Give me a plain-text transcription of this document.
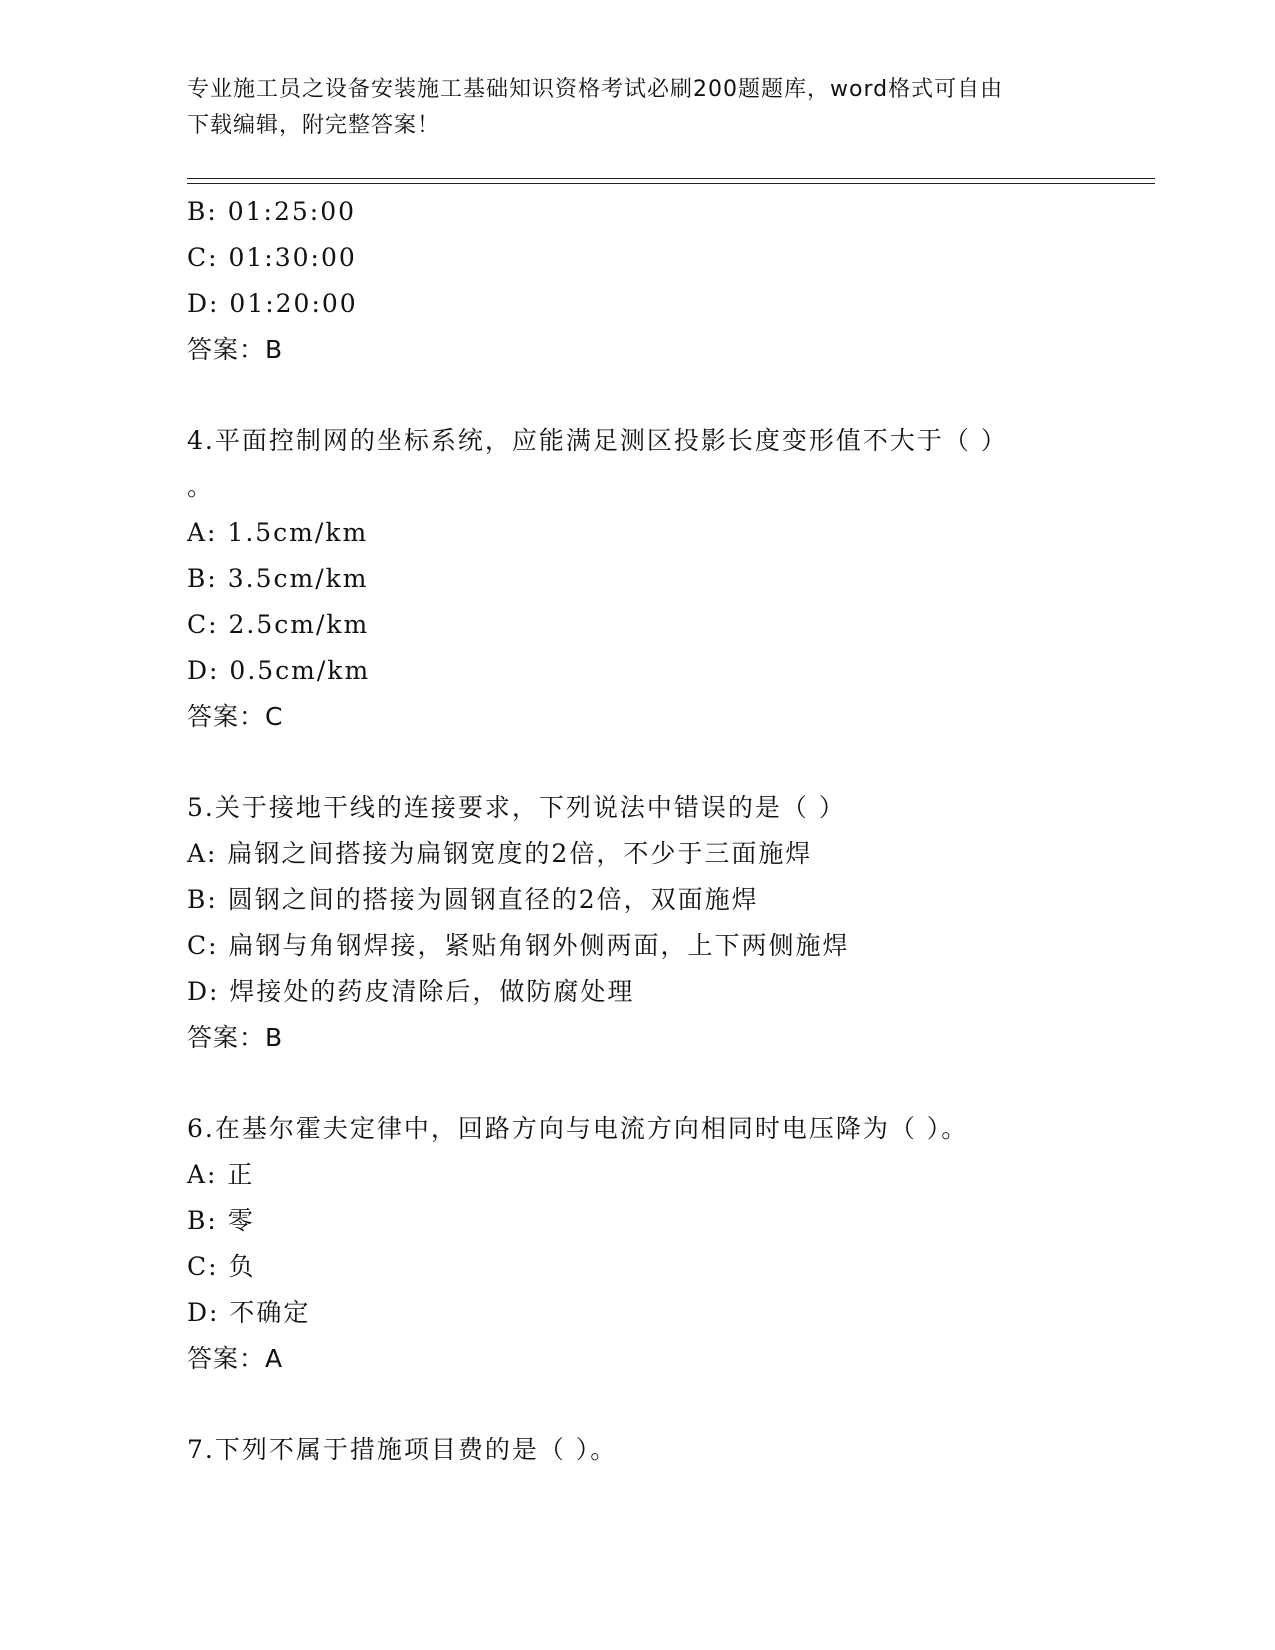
专业施工员之设备安装施工基础知识资格考试必刷200题题库，word格式可自由
下载编辑，附完整答案！
B: 01:25:00
C: 01:30:00
D: 01:20:00
答案：B
4.平面控制网的坐标系统，应能满足测区投影长度变形值不大于（ ）
。
A: 1.5cm/km
B: 3.5cm/km
C: 2.5cm/km
D: 0.5cm/km
答案：C
5.关于接地干线的连接要求，下列说法中错误的是（ ）
A: 扁钢之间搭接为扁钢宽度的2倍，不少于三面施焊
B: 圆钢之间的搭接为圆钢直径的2倍，双面施焊
C: 扁钢与角钢焊接，紧贴角钢外侧两面，上下两侧施焊
D: 焊接处的药皮清除后，做防腐处理
答案：B
6.在基尔霍夫定律中，回路方向与电流方向相同时电压降为（ ）。
A: 正
B: 零
C: 负
D: 不确定
答案：A
7.下列不属于措施项目费的是（ ）。
